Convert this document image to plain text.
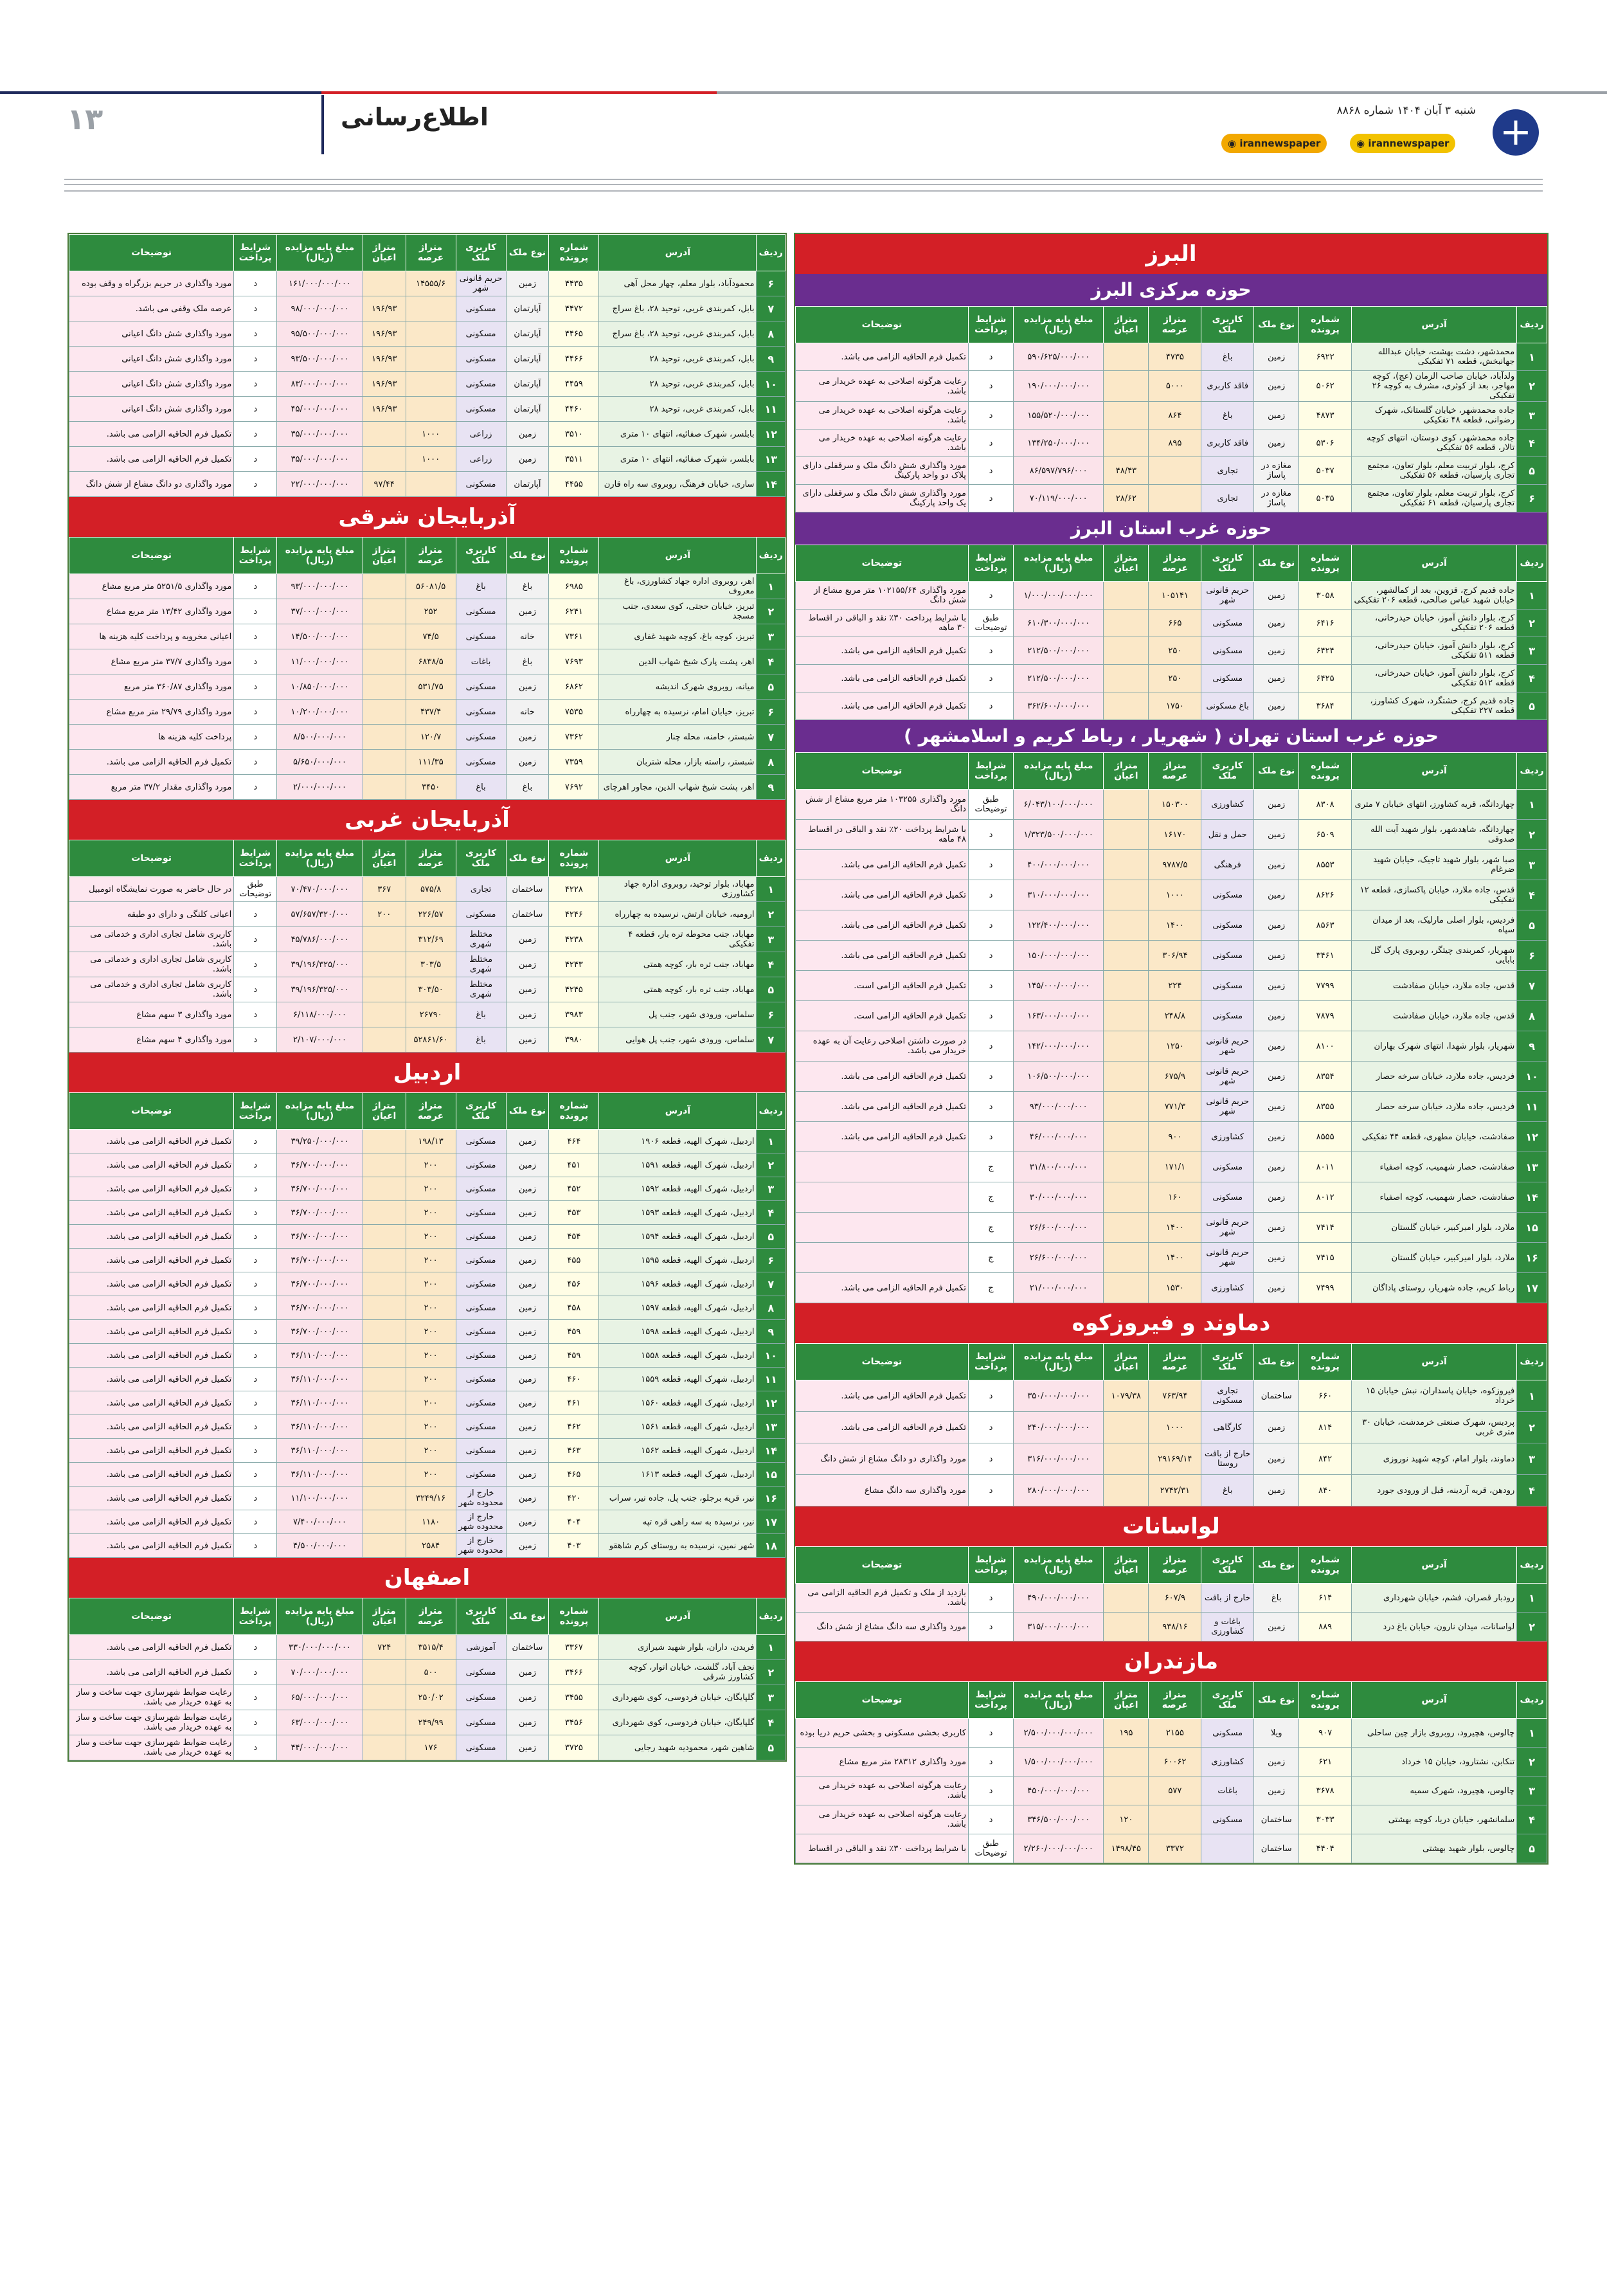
۱۳	اطلاع‌رسانی	+
شنبه ۳ آبان ۱۴۰۴ شماره ۸۸۶۸
◉ irannewspaper	◉ irannewspaper
البرز
حوزه مرکزی البرز
ردیف	آدرس	شماره پرونده	نوع ملک	کاربری ملک	متراژ عرصه	متراژ اعیان	مبلغ پایه مزایده (ریال)	شرایط پرداخت	توضیحات
۱	محمدشهر، دشت بهشت، خیابان عبدالله جهانبخش، قطعه ۷۱ تفکیکی	۶۹۲۲	زمین	باغ	۴۷۳۵		۵۹۰/۶۲۵/۰۰۰/۰۰۰	د	تکمیل فرم الحاقیه الزامی می باشد.
۲	ولدآباد، خیابان صاحب الزمان (عج)، کوچه مهاجر، بعد از کوثری، مشرف به کوچه ۲۶ تفکیکی	۵۰۶۲	زمین	فاقد کاربری	۵۰۰۰		۱۹۰/۰۰۰/۰۰۰/۰۰۰	د	رعایت هرگونه اصلاحی به عهده خریدار می باشد.
۳	جاده محمدشهر، خیابان گلستانک، شهرک رضوانی، قطعه ۴۸ تفکیکی	۴۸۷۳	زمین	باغ	۸۶۴		۱۵۵/۵۲۰/۰۰۰/۰۰۰	د	رعایت هرگونه اصلاحی به عهده خریدار می باشد.
۴	جاده محمدشهر، کوی دوستان، انتهای کوچه تالار، قطعه ۵۶ تفکیکی	۵۳۰۶	زمین	فاقد کاربری	۸۹۵		۱۳۴/۲۵۰/۰۰۰/۰۰۰	د	رعایت هرگونه اصلاحی به عهده خریدار می باشد.
۵	کرج، بلوار تربیت معلم، بلوار تعاون، مجتمع تجاری پارسیان، قطعه ۵۶ تفکیکی	۵۰۳۷	مغازه در پاساژ	تجاری		۴۸/۴۳	۸۶/۵۹۷/۷۹۶/۰۰۰	د	مورد واگذاری شش دانگ ملک و سرقفلی دارای پلاک دو واحد پارکینگ
۶	کرج، بلوار تربیت معلم، بلوار تعاون، مجتمع تجاری پارسیان، قطعه ۶۱ تفکیکی	۵۰۳۵	مغازه در پاساژ	تجاری		۲۸/۶۲	۷۰/۱۱۹/۰۰۰/۰۰۰	د	مورد واگذاری شش دانگ ملک و سرقفلی دارای یک واحد پارکینگ
حوزه غرب استان البرز
ردیف	آدرس	شماره پرونده	نوع ملک	کاربری ملک	متراژ عرصه	متراژ اعیان	مبلغ پایه مزایده (ریال)	شرایط پرداخت	توضیحات
۱	جاده قدیم کرج، قزوین، بعد از کمالشهر، خیابان شهید عباس صالحی، قطعه ۲۰۶ تفکیکی	۳۰۵۸	زمین	حریم قانونی شهر	۱۰۵۱۴۱		۱/۰۰۰/۰۰۰/۰۰۰/۰۰۰	د	مورد واگذاری ۱۰۲۱۵۵/۶۴ متر مربع مشاع از شش دانگ
۲	کرج، بلوار دانش آموز، خیابان حیدرخانی، قطعه ۲۰۶ تفکیکی	۶۴۱۶	زمین	مسکونی	۶۶۵		۶۱۰/۳۰۰/۰۰۰/۰۰۰	طبق توضیحات	با شرایط پرداخت ۳۰٪ نقد و الباقی در اقساط ۳۰ ماهه
۳	کرج، بلوار دانش آموز، خیابان حیدرخانی، قطعه ۵۱۱ تفکیکی	۶۴۲۴	زمین	مسکونی	۲۵۰		۲۱۲/۵۰۰/۰۰۰/۰۰۰	د	تکمیل فرم الحاقیه الزامی می باشد.
۴	کرج، بلوار دانش آموز، خیابان حیدرخانی، قطعه ۵۱۲ تفکیکی	۶۴۲۵	زمین	مسکونی	۲۵۰		۲۱۲/۵۰۰/۰۰۰/۰۰۰	د	تکمیل فرم الحاقیه الزامی می باشد.
۵	جاده قدیم کرج، خشتگرد، شهرک کشاورز، قطعه ۲۲۷ تفکیکی	۳۶۸۴	زمین	باغ مسکونی	۱۷۵۰		۳۶۲/۶۰۰/۰۰۰/۰۰۰	د	تکمیل فرم الحاقیه الزامی می باشد.
حوزه غرب استان تهران ( شهریار ، رباط کریم و اسلامشهر )
ردیف	آدرس	شماره پرونده	نوع ملک	کاربری ملک	متراژ عرصه	متراژ اعیان	مبلغ پایه مزایده (ریال)	شرایط پرداخت	توضیحات
۱	چهاردانگه، قریه کشاورز، انتهای خیابان ۷ متری	۸۳۰۸	زمین	کشاورزی	۱۵۰۳۰۰		۶/۰۴۳/۱۰۰/۰۰۰/۰۰۰	طبق توضیحات	مورد واگذاری ۱۰۳۲۵۵ متر مربع مشاع از شش دانگ
۲	چهاردانگه، شاهدشهر، بلوار شهید آیت الله صدوقی	۶۵۰۹	زمین	حمل و نقل	۱۶۱۷۰		۱/۳۲۳/۵۰۰/۰۰۰/۰۰۰	د	با شرایط پرداخت ۲۰٪ نقد و الباقی در اقساط ۴۸ ماهه
۳	صبا شهر، بلوار شهید تاجیک، خیابان شهید ضرغام	۸۵۵۳	زمین	فرهنگی	۹۷۸۷/۵		۴۰۰/۰۰۰/۰۰۰/۰۰۰	د	تکمیل فرم الحاقیه الزامی می باشد.
۴	قدس، جاده ملارد، خیابان پاکسازی، قطعه ۱۲ تفکیکی	۸۶۲۶	زمین	مسکونی	۱۰۰۰		۳۱۰/۰۰۰/۰۰۰/۰۰۰	د	تکمیل فرم الحاقیه الزامی می باشد.
۵	فردیس، بلوار اصلی مارلیک، بعد از میدان سپاه	۸۵۶۳	زمین	مسکونی	۱۴۰۰		۱۲۲/۴۰۰/۰۰۰/۰۰۰	د	تکمیل فرم الحاقیه الزامی می باشد.
۶	شهریار، کمربندی چیتگر، روبروی پارک گل بابایی	۳۴۶۱	زمین	مسکونی	۳۰۶/۹۴		۱۵۰/۰۰۰/۰۰۰/۰۰۰	د	تکمیل فرم الحاقیه الزامی می باشد.
۷	قدس، جاده ملارد، خیابان صفادشت	۷۷۹۹	زمین	مسکونی	۲۲۴		۱۴۵/۰۰۰/۰۰۰/۰۰۰	د	تکمیل فرم الحاقیه الزامی است.
۸	قدس، جاده ملارد، خیابان صفادشت	۷۸۷۹	زمین	مسکونی	۲۴۸/۸		۱۶۳/۰۰۰/۰۰۰/۰۰۰	د	تکمیل فرم الحاقیه الزامی است.
۹	شهریار، بلوار شهدا، انتهای شهرک بهاران	۸۱۰۰	زمین	حریم قانونی شهر	۱۲۵۰		۱۴۲/۰۰۰/۰۰۰/۰۰۰	د	در صورت داشتن اصلاحی رعایت آن به عهده خریدار می باشد.
۱۰	فردیس، جاده ملارد، خیابان سرخه حصار	۸۳۵۴	زمین	حریم قانونی شهر	۶۷۵/۹		۱۰۶/۵۰۰/۰۰۰/۰۰۰	د	تکمیل فرم الحاقیه الزامی می باشد.
۱۱	فردیس، جاده ملارد، خیابان سرخه حصار	۸۳۵۵	زمین	حریم قانونی شهر	۷۷۱/۳		۹۳/۰۰۰/۰۰۰/۰۰۰	د	تکمیل فرم الحاقیه الزامی می باشد.
۱۲	صفادشت، خیابان مطهری، قطعه ۴۴ تفکیکی	۸۵۵۵	زمین	کشاورزی	۹۰۰		۴۶/۰۰۰/۰۰۰/۰۰۰	د	تکمیل فرم الحاقیه الزامی می باشد.
۱۳	صفادشت، حصار شهمیب، کوچه اصفیاء	۸۰۱۱	زمین	مسکونی	۱۷۱/۱		۳۱/۸۰۰/۰۰۰/۰۰۰	ج	
۱۴	صفادشت، حصار شهمیب، کوچه اصفیاء	۸۰۱۲	زمین	مسکونی	۱۶۰		۳۰/۰۰۰/۰۰۰/۰۰۰	ج	
۱۵	ملارد، بلوار امیرکبیر، خیابان گلستان	۷۴۱۴	زمین	حریم قانونی شهر	۱۴۰۰		۲۶/۶۰۰/۰۰۰/۰۰۰	ج	
۱۶	ملارد، بلوار امیرکبیر، خیابان گلستان	۷۴۱۵	زمین	حریم قانونی شهر	۱۴۰۰		۲۶/۶۰۰/۰۰۰/۰۰۰	ج	
۱۷	رباط کریم، جاده شهریار، روستای پاداگان	۷۴۹۹	زمین	کشاورزی	۱۵۳۰		۲۱/۰۰۰/۰۰۰/۰۰۰	ج	تکمیل فرم الحاقیه الزامی می باشد.
دماوند و فیروزکوه
ردیف	آدرس	شماره پرونده	نوع ملک	کاربری ملک	متراژ عرصه	متراژ اعیان	مبلغ پایه مزایده (ریال)	شرایط پرداخت	توضیحات
۱	فیروزکوه، خیابان پاسداران، نبش خیابان ۱۵ خرداد	۶۶۰	ساختمان	تجاری مسکونی	۷۶۳/۹۴	۱۰۷۹/۳۸	۳۵۰/۰۰۰/۰۰۰/۰۰۰	د	تکمیل فرم الحاقیه الزامی می باشد.
۲	پردیس، شهرک صنعتی خرمدشت، خیابان ۳۰ متری غربی	۸۱۴	زمین	کارگاهی	۱۰۰۰		۲۴۰/۰۰۰/۰۰۰/۰۰۰	د	تکمیل فرم الحاقیه الزامی می باشد.
۳	دماوند، بلوار امام، کوچه شهید نوروزی	۸۴۲	زمین	خارج از بافت روستا	۲۹۱۶۹/۱۴		۳۱۶/۰۰۰/۰۰۰/۰۰۰	د	مورد واگذاری دو دانگ مشاع از شش دانگ
۴	رودهن، قریه آردینه، قبل از ورودی جورد	۸۴۰	زمین	باغ	۲۷۴۲/۳۱		۲۸۰/۰۰۰/۰۰۰/۰۰۰	د	مورد واگذاری سه دانگ مشاع
لواسانات
ردیف	آدرس	شماره پرونده	نوع ملک	کاربری ملک	متراژ عرصه	متراژ اعیان	مبلغ پایه مزایده (ریال)	شرایط پرداخت	توضیحات
۱	رودبار قصران، فشم، خیابان شهرداری	۶۱۴	باغ	خارج از بافت	۶۰۷/۹		۴۹۰/۰۰۰/۰۰۰/۰۰۰	د	بازدید از ملک و تکمیل فرم الحاقیه الزامی می باشد.
۲	لواسانات، میدان نارون، خیابان باغ درد	۸۸۹	زمین	باغات و کشاورزی	۹۳۸/۱۶		۳۱۵/۰۰۰/۰۰۰/۰۰۰	د	مورد واگذاری سه دانگ مشاع از شش دانگ
مازندران
ردیف	آدرس	شماره پرونده	نوع ملک	کاربری ملک	متراژ عرصه	متراژ اعیان	مبلغ پایه مزایده (ریال)	شرایط پرداخت	توضیحات
۱	چالوس، هچیرود، روبروی بازار چین ساحلی	۹۰۷	ویلا	مسکونی	۲۱۵۵	۱۹۵	۲/۵۰۰/۰۰۰/۰۰۰/۰۰۰	د	کاربری بخشی مسکونی و بخشی حریم دریا بوده
۲	تنکابن، نشتارود، خیابان ۱۵ خرداد	۶۲۱	زمین	کشاورزی	۶۰۰۶۲		۱/۵۰۰/۰۰۰/۰۰۰/۰۰۰	د	مورد واگذاری ۲۸۳۱۲ متر مربع مشاع
۳	چالوس، هچیرود، شهرک سمیه	۳۶۷۸	زمین	باغات	۵۷۷		۴۵۰/۰۰۰/۰۰۰/۰۰۰	د	رعایت هرگونه اصلاحی به عهده خریدار می باشد.
۴	سلمانشهر، خیابان دریا، کوچه بهشتی	۳۰۳۳	ساختمان	مسکونی		۱۲۰	۳۴۶/۵۰۰/۰۰۰/۰۰۰	د	رعایت هرگونه اصلاحی به عهده خریدار می باشد.
۵	چالوس، بلوار شهید بهشتی	۴۴۰۴	ساختمان		۳۳۷۲	۱۴۹۸/۴۵	۲/۲۶۰/۰۰۰/۰۰۰/۰۰۰	طبق توضیحات	با شرایط پرداخت ۳۰٪ نقد و الباقی در اقساط
ردیف	آدرس	شماره پرونده	نوع ملک	کاربری ملک	متراژ عرصه	متراژ اعیان	مبلغ پایه مزایده (ریال)	شرایط پرداخت	توضیحات
۶	محمودآباد، بلوار معلم، چهار محل آهی	۴۴۳۵	زمین	حریم قانونی شهر	۱۴۵۵۵/۶		۱۶۱/۰۰۰/۰۰۰/۰۰۰	د	مورد واگذاری در حریم بزرگراه و وقف بوده
۷	بابل، کمربندی غربی، توحید ۲۸، باغ سراج	۴۴۷۲	آپارتمان	مسکونی		۱۹۶/۹۳	۹۸/۰۰۰/۰۰۰/۰۰۰	د	عرصه ملک وقفی می باشد.
۸	بابل، کمربندی غربی، توحید ۲۸، باغ سراج	۴۴۶۵	آپارتمان	مسکونی		۱۹۶/۹۳	۹۵/۵۰۰/۰۰۰/۰۰۰	د	مورد واگذاری شش دانگ اعیانی
۹	بابل، کمربندی غربی، توحید ۲۸	۴۴۶۶	آپارتمان	مسکونی		۱۹۶/۹۳	۹۳/۵۰۰/۰۰۰/۰۰۰	د	مورد واگذاری شش دانگ اعیانی
۱۰	بابل، کمربندی غربی، توحید ۲۸	۴۴۵۹	آپارتمان	مسکونی		۱۹۶/۹۳	۸۳/۰۰۰/۰۰۰/۰۰۰	د	مورد واگذاری شش دانگ اعیانی
۱۱	بابل، کمربندی غربی، توحید ۲۸	۴۴۶۰	آپارتمان	مسکونی		۱۹۶/۹۳	۴۵/۰۰۰/۰۰۰/۰۰۰	د	مورد واگذاری شش دانگ اعیانی
۱۲	بابلسر، شهرک صفائیه، انتهای ۱۰ متری	۳۵۱۰	زمین	زراعی	۱۰۰۰		۳۵/۰۰۰/۰۰۰/۰۰۰	د	تکمیل فرم الحاقیه الزامی می باشد.
۱۳	بابلسر، شهرک صفائیه، انتهای ۱۰ متری	۳۵۱۱	زمین	زراعی	۱۰۰۰		۳۵/۰۰۰/۰۰۰/۰۰۰	د	تکمیل فرم الحاقیه الزامی می باشد.
۱۴	ساری، خیابان فرهنگ، روبروی سه راه قارن	۴۴۵۵	آپارتمان	مسکونی		۹۷/۴۴	۲۲/۰۰۰/۰۰۰/۰۰۰	د	مورد واگذاری دو دانگ مشاع از شش دانگ
آذربایجان شرقی
ردیف	آدرس	شماره پرونده	نوع ملک	کاربری ملک	متراژ عرصه	متراژ اعیان	مبلغ پایه مزایده (ریال)	شرایط پرداخت	توضیحات
۱	اهر، روبروی اداره جهاد کشاورزی، باغ معروف	۶۹۸۵	باغ	باغ	۵۶۰۸۱/۵		۹۳/۰۰۰/۰۰۰/۰۰۰	د	مورد واگذاری ۵۲۵۱/۵ متر مربع مشاع
۲	تبریز، خیابان حجتی، کوی سعدی، جنب مسجد	۶۲۴۱	زمین	مسکونی	۲۵۲		۳۷/۰۰۰/۰۰۰/۰۰۰	د	مورد واگذاری ۱۳/۴۲ متر مربع مشاع
۳	تبریز، کوچه باغ، کوچه شهید غفاری	۷۳۶۱	خانه	مسکونی	۷۴/۵		۱۴/۵۰۰/۰۰۰/۰۰۰	د	اعیانی مخروبه و پرداخت کلیه هزینه ها
۴	اهر، پشت پارک شیخ شهاب الدین	۷۶۹۳	باغ	باغات	۶۸۳۸/۵		۱۱/۰۰۰/۰۰۰/۰۰۰	د	مورد واگذاری ۳۷/۷ متر مربع مشاع
۵	میانه، روبروی شهرک اندیشه	۶۸۶۲	زمین	مسکونی	۵۳۱/۷۵		۱۰/۸۵۰/۰۰۰/۰۰۰	د	مورد واگذاری ۳۶۰/۸۷ متر مربع
۶	تبریز، خیابان امام، نرسیده به چهارراه	۷۵۳۵	خانه	مسکونی	۴۳۷/۴		۱۰/۲۰۰/۰۰۰/۰۰۰	د	مورد واگذاری ۲۹/۷۹ متر مربع مشاع
۷	شبستر، خامنه، محله چنار	۷۳۶۲	زمین	مسکونی	۱۲۰/۷		۸/۵۰۰/۰۰۰/۰۰۰	د	پرداخت کلیه هزینه ها
۸	شبستر، راسته بازار، محله شتربان	۷۳۵۹	زمین	مسکونی	۱۱۱/۳۵		۵/۶۵۰/۰۰۰/۰۰۰	د	تکمیل فرم الحاقیه الزامی می باشد.
۹	اهر، پشت شیخ شهاب الدین، مجاور اهرچای	۷۶۹۲	باغ	باغ	۳۴۵۰		۲/۰۰۰/۰۰۰/۰۰۰	د	مورد واگذاری مقدار ۳۷/۲ متر مربع
آذربایجان غربی
ردیف	آدرس	شماره پرونده	نوع ملک	کاربری ملک	متراژ عرصه	متراژ اعیان	مبلغ پایه مزایده (ریال)	شرایط پرداخت	توضیحات
۱	مهاباد، بلوار توحید، روبروی اداره جهاد کشاورزی	۴۲۲۸	ساختمان	تجاری	۵۷۵/۸	۳۶۷	۷۰/۴۷۰/۰۰۰/۰۰۰	طبق توضیحات	در حال حاضر به صورت نمایشگاه اتومبیل
۲	ارومیه، خیابان ارتش، نرسیده به چهارراه	۴۲۴۶	ساختمان	مسکونی	۲۲۶/۵۷	۲۰۰	۵۷/۶۵۷/۳۲۰/۰۰۰	د	اعیانی کلنگی و دارای دو طبقه
۳	مهاباد، جنب محوطه تره بار، قطعه ۴ تفکیکی	۴۲۳۸	زمین	مختلط شهری	۳۱۲/۶۹		۴۵/۷۸۶/۰۰۰/۰۰۰	د	کاربری شامل تجاری اداری و خدماتی می باشد.
۴	مهاباد، جنب تره بار، کوچه همتی	۴۲۴۳	زمین	مختلط شهری	۳۰۳/۵		۳۹/۱۹۶/۳۲۵/۰۰۰	د	کاربری شامل تجاری اداری و خدماتی می باشد.
۵	مهاباد، جنب تره بار، کوچه همتی	۴۲۴۵	زمین	مختلط شهری	۳۰۳/۵۰		۳۹/۱۹۶/۳۲۵/۰۰۰	د	کاربری شامل تجاری اداری و خدماتی می باشد.
۶	سلماس، ورودی شهر، جنب پل	۳۹۸۳	زمین	باغ	۲۶۷۹۰		۶/۱۱۸/۰۰۰/۰۰۰	د	مورد واگذاری ۳ سهم مشاع
۷	سلماس، ورودی شهر، جنب پل هوایی	۳۹۸۰	زمین	باغ	۵۲۸۶۱/۶۰		۲/۱۰۷/۰۰۰/۰۰۰	د	مورد واگذاری ۴ سهم مشاع
اردبیل
ردیف	آدرس	شماره پرونده	نوع ملک	کاربری ملک	متراژ عرصه	متراژ اعیان	مبلغ پایه مزایده (ریال)	شرایط پرداخت	توضیحات
۱	اردبیل، شهرک الهیه، قطعه ۱۹۰۶	۴۶۴	زمین	مسکونی	۱۹۸/۱۳		۳۹/۲۵۰/۰۰۰/۰۰۰	د	تکمیل فرم الحاقیه الزامی می باشد.
۲	اردبیل، شهرک الهیه، قطعه ۱۵۹۱	۴۵۱	زمین	مسکونی	۲۰۰		۳۶/۷۰۰/۰۰۰/۰۰۰	د	تکمیل فرم الحاقیه الزامی می باشد.
۳	اردبیل، شهرک الهیه، قطعه ۱۵۹۲	۴۵۲	زمین	مسکونی	۲۰۰		۳۶/۷۰۰/۰۰۰/۰۰۰	د	تکمیل فرم الحاقیه الزامی می باشد.
۴	اردبیل، شهرک الهیه، قطعه ۱۵۹۳	۴۵۳	زمین	مسکونی	۲۰۰		۳۶/۷۰۰/۰۰۰/۰۰۰	د	تکمیل فرم الحاقیه الزامی می باشد.
۵	اردبیل، شهرک الهیه، قطعه ۱۵۹۴	۴۵۴	زمین	مسکونی	۲۰۰		۳۶/۷۰۰/۰۰۰/۰۰۰	د	تکمیل فرم الحاقیه الزامی می باشد.
۶	اردبیل، شهرک الهیه، قطعه ۱۵۹۵	۴۵۵	زمین	مسکونی	۲۰۰		۳۶/۷۰۰/۰۰۰/۰۰۰	د	تکمیل فرم الحاقیه الزامی می باشد.
۷	اردبیل، شهرک الهیه، قطعه ۱۵۹۶	۴۵۶	زمین	مسکونی	۲۰۰		۳۶/۷۰۰/۰۰۰/۰۰۰	د	تکمیل فرم الحاقیه الزامی می باشد.
۸	اردبیل، شهرک الهیه، قطعه ۱۵۹۷	۴۵۸	زمین	مسکونی	۲۰۰		۳۶/۷۰۰/۰۰۰/۰۰۰	د	تکمیل فرم الحاقیه الزامی می باشد.
۹	اردبیل، شهرک الهیه، قطعه ۱۵۹۸	۴۵۹	زمین	مسکونی	۲۰۰		۳۶/۷۰۰/۰۰۰/۰۰۰	د	تکمیل فرم الحاقیه الزامی می باشد.
۱۰	اردبیل، شهرک الهیه، قطعه ۱۵۵۸	۴۵۹	زمین	مسکونی	۲۰۰		۳۶/۱۱۰/۰۰۰/۰۰۰	د	تکمیل فرم الحاقیه الزامی می باشد.
۱۱	اردبیل، شهرک الهیه، قطعه ۱۵۵۹	۴۶۰	زمین	مسکونی	۲۰۰		۳۶/۱۱۰/۰۰۰/۰۰۰	د	تکمیل فرم الحاقیه الزامی می باشد.
۱۲	اردبیل، شهرک الهیه، قطعه ۱۵۶۰	۴۶۱	زمین	مسکونی	۲۰۰		۳۶/۱۱۰/۰۰۰/۰۰۰	د	تکمیل فرم الحاقیه الزامی می باشد.
۱۳	اردبیل، شهرک الهیه، قطعه ۱۵۶۱	۴۶۲	زمین	مسکونی	۲۰۰		۳۶/۱۱۰/۰۰۰/۰۰۰	د	تکمیل فرم الحاقیه الزامی می باشد.
۱۴	اردبیل، شهرک الهیه، قطعه ۱۵۶۲	۴۶۳	زمین	مسکونی	۲۰۰		۳۶/۱۱۰/۰۰۰/۰۰۰	د	تکمیل فرم الحاقیه الزامی می باشد.
۱۵	اردبیل، شهرک الهیه، قطعه ۱۶۱۳	۴۶۵	زمین	مسکونی	۲۰۰		۳۶/۱۱۰/۰۰۰/۰۰۰	د	تکمیل فرم الحاقیه الزامی می باشد.
۱۶	نیر، قریه برجلو، جنب پل، جاده نیر، سراب	۴۲۰	زمین	خارج از محدوده شهر	۳۲۴۹/۱۶		۱۱/۱۰۰/۰۰۰/۰۰۰	د	تکمیل فرم الحاقیه الزامی می باشد.
۱۷	نیر، نرسیده به سه راهی قره تپه	۴۰۴	زمین	خارج از محدوده شهر	۱۱۸۰		۷/۴۰۰/۰۰۰/۰۰۰	د	تکمیل فرم الحاقیه الزامی می باشد.
۱۸	شهر نمین، نرسیده به روستای کرم شاهقو	۴۰۳	زمین	خارج از محدوده شهر	۲۵۸۴		۴/۵۰۰/۰۰۰/۰۰۰	د	تکمیل فرم الحاقیه الزامی می باشد.
اصفهان
ردیف	آدرس	شماره پرونده	نوع ملک	کاربری ملک	متراژ عرصه	متراژ اعیان	مبلغ پایه مزایده (ریال)	شرایط پرداخت	توضیحات
۱	فریدن، داران، بلوار شهید شیرازی	۳۳۶۷	ساختمان	آموزشی	۳۵۱۵/۴	۷۲۴	۳۳۰/۰۰۰/۰۰۰/۰۰۰	د	تکمیل فرم الحاقیه الزامی می باشد.
۲	نجف آباد، گلشت، خیابان انوار، کوچه کشاورز شرقی	۳۴۶۶	زمین	مسکونی	۵۰۰		۷۰/۰۰۰/۰۰۰/۰۰۰	د	تکمیل فرم الحاقیه الزامی می باشد.
۳	گلپایگان، خیابان فردوسی، کوی شهرداری	۳۴۵۵	زمین	مسکونی	۲۵۰/۰۲		۶۵/۰۰۰/۰۰۰/۰۰۰	د	رعایت ضوابط شهرسازی جهت ساخت و ساز به عهده خریدار می باشد.
۴	گلپایگان، خیابان فردوسی، کوی شهرداری	۳۴۵۶	زمین	مسکونی	۲۴۹/۹۹		۶۳/۰۰۰/۰۰۰/۰۰۰	د	رعایت ضوابط شهرسازی جهت ساخت و ساز به عهده خریدار می باشد.
۵	شاهین شهر، محمودیه شهید رجایی	۳۷۲۵	زمین	مسکونی	۱۷۶		۴۴/۰۰۰/۰۰۰/۰۰۰	د	رعایت ضوابط شهرسازی جهت ساخت و ساز به عهده خریدار می باشد.
